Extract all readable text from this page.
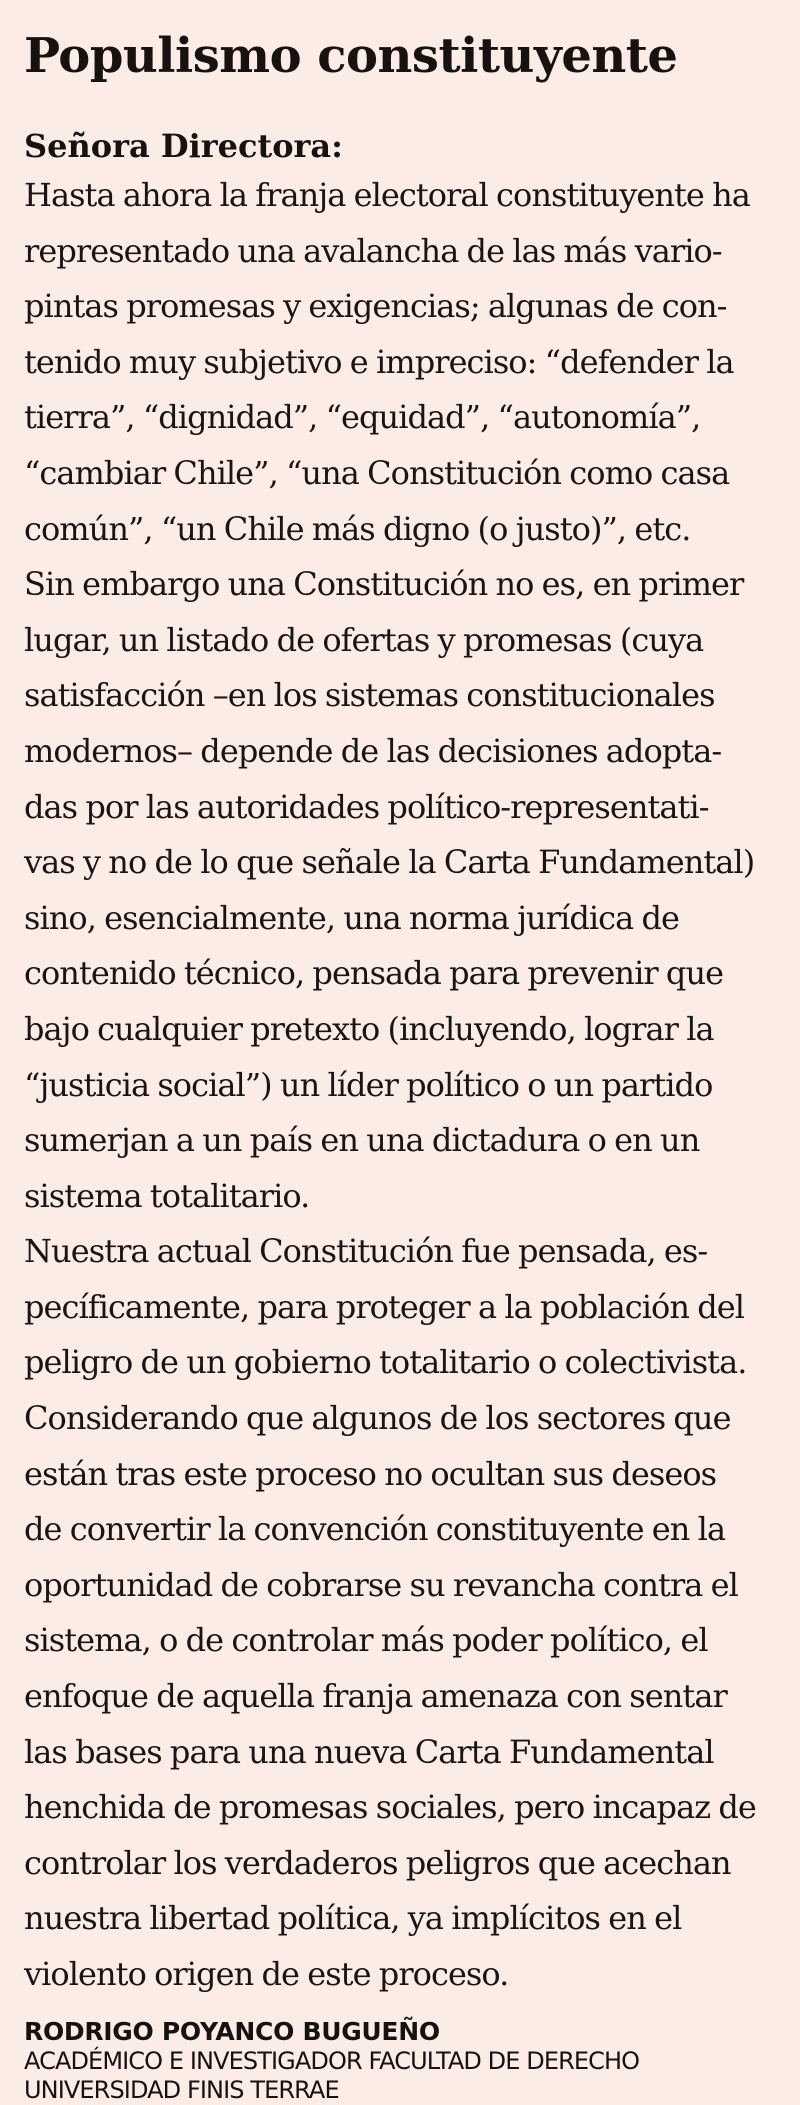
Populismo constituyente

Señora Directora:

Hasta ahora la franja electoral constituyente ha
representado una avalancha de las más vario-
pintas promesas y exigencias; algunas de con-
tenido muy subjetivo e impreciso: “defender la
tierra”, “dignidad”, “equidad”, “autonomía”,
“cambiar Chile”, “una Constitución como casa
común”, “un Chile más digno (o justo)”, etc.
Sin embargo una Constitución no es, en primer
lugar, un listado de ofertas y promesas (cuya
satisfacción –en los sistemas constitucionales
modernos– depende de las decisiones adopta-
das por las autoridades político-representati-
vas y no de lo que señale la Carta Fundamental)
sino, esencialmente, una norma jurídica de
contenido técnico, pensada para prevenir que
bajo cualquier pretexto (incluyendo, lograr la
“justicia social”) un líder político o un partido
sumerjan a un país en una dictadura o en un
sistema totalitario.
Nuestra actual Constitución fue pensada, es-
pecíficamente, para proteger a la población del
peligro de un gobierno totalitario o colectivista.
Considerando que algunos de los sectores que
están tras este proceso no ocultan sus deseos
de convertir la convención constituyente en la
oportunidad de cobrarse su revancha contra el
sistema, o de controlar más poder político, el
enfoque de aquella franja amenaza con sentar
las bases para una nueva Carta Fundamental
henchida de promesas sociales, pero incapaz de
controlar los verdaderos peligros que acechan
nuestra libertad política, ya implícitos en el
violento origen de este proceso.
RODRIGO POYANCO BUGUEÑO
ACADÉMICO E INVESTIGADOR FACULTAD DE DERECHO
UNIVERSIDAD FINIS TERRAE
